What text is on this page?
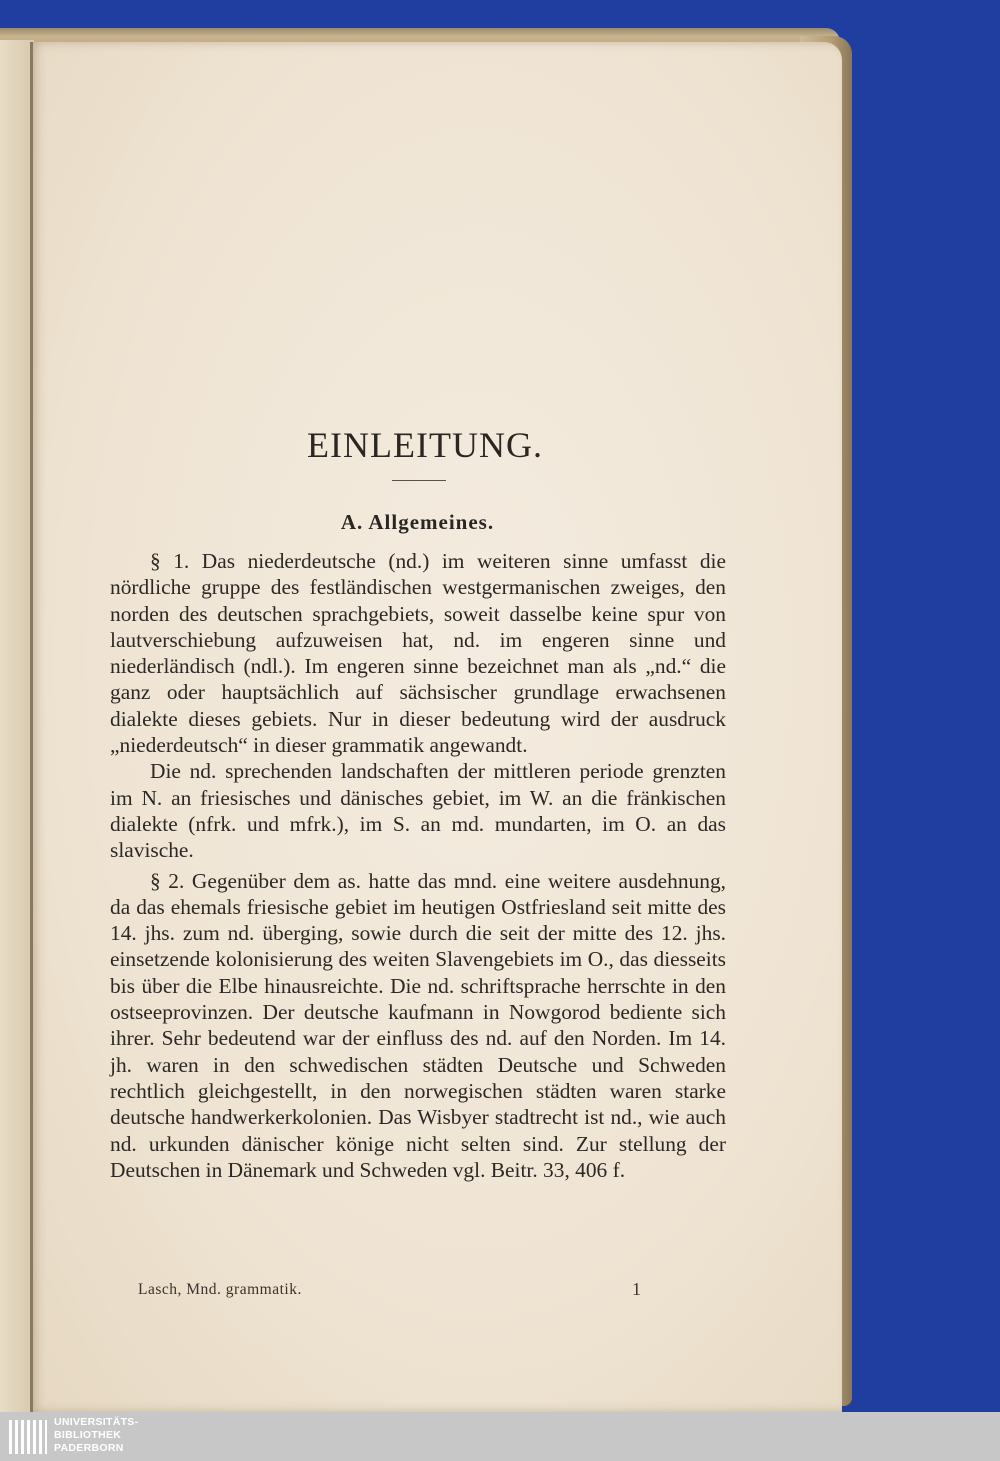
EINLEITUNG.
A. Allgemeines.

§ 1. Das niederdeutsche (nd.) im weiteren sinne umfasst die nördliche gruppe des festländischen westgermanischen zweiges, den norden des deutschen sprachgebiets, soweit dasselbe keine spur von lautverschiebung aufzuweisen hat, nd. im engeren sinne und niederländisch (ndl.). Im engeren sinne bezeichnet man als „nd.“ die ganz oder hauptsächlich auf sächsischer grundlage erwachsenen dialekte dieses gebiets. Nur in dieser bedeutung wird der ausdruck „niederdeutsch“ in dieser grammatik angewandt.

Die nd. sprechenden landschaften der mittleren periode grenzten im N. an friesisches und dänisches gebiet, im W. an die fränkischen dialekte (nfrk. und mfrk.), im S. an md. mundarten, im O. an das slavische.

§ 2. Gegenüber dem as. hatte das mnd. eine weitere ausdehnung, da das ehemals friesische gebiet im heutigen Ostfriesland seit mitte des 14. jhs. zum nd. überging, sowie durch die seit der mitte des 12. jhs. einsetzende kolonisierung des weiten Slavengebiets im O., das diesseits bis über die Elbe hinausreichte. Die nd. schriftsprache herrschte in den ostseeprovinzen. Der deutsche kaufmann in Nowgorod bediente sich ihrer. Sehr bedeutend war der einfluss des nd. auf den Norden. Im 14. jh. waren in den schwedischen städten Deutsche und Schweden rechtlich gleichgestellt, in den norwegischen städten waren starke deutsche handwerkerkolonien. Das Wisbyer stadtrecht ist nd., wie auch nd. urkunden dänischer könige nicht selten sind. Zur stellung der Deutschen in Dänemark und Schweden vgl. Beitr. 33, 406 f.

Lasch, Mnd. grammatik.	1
UNIVERSITÄTS-
BIBLIOTHEK
PADERBORN
